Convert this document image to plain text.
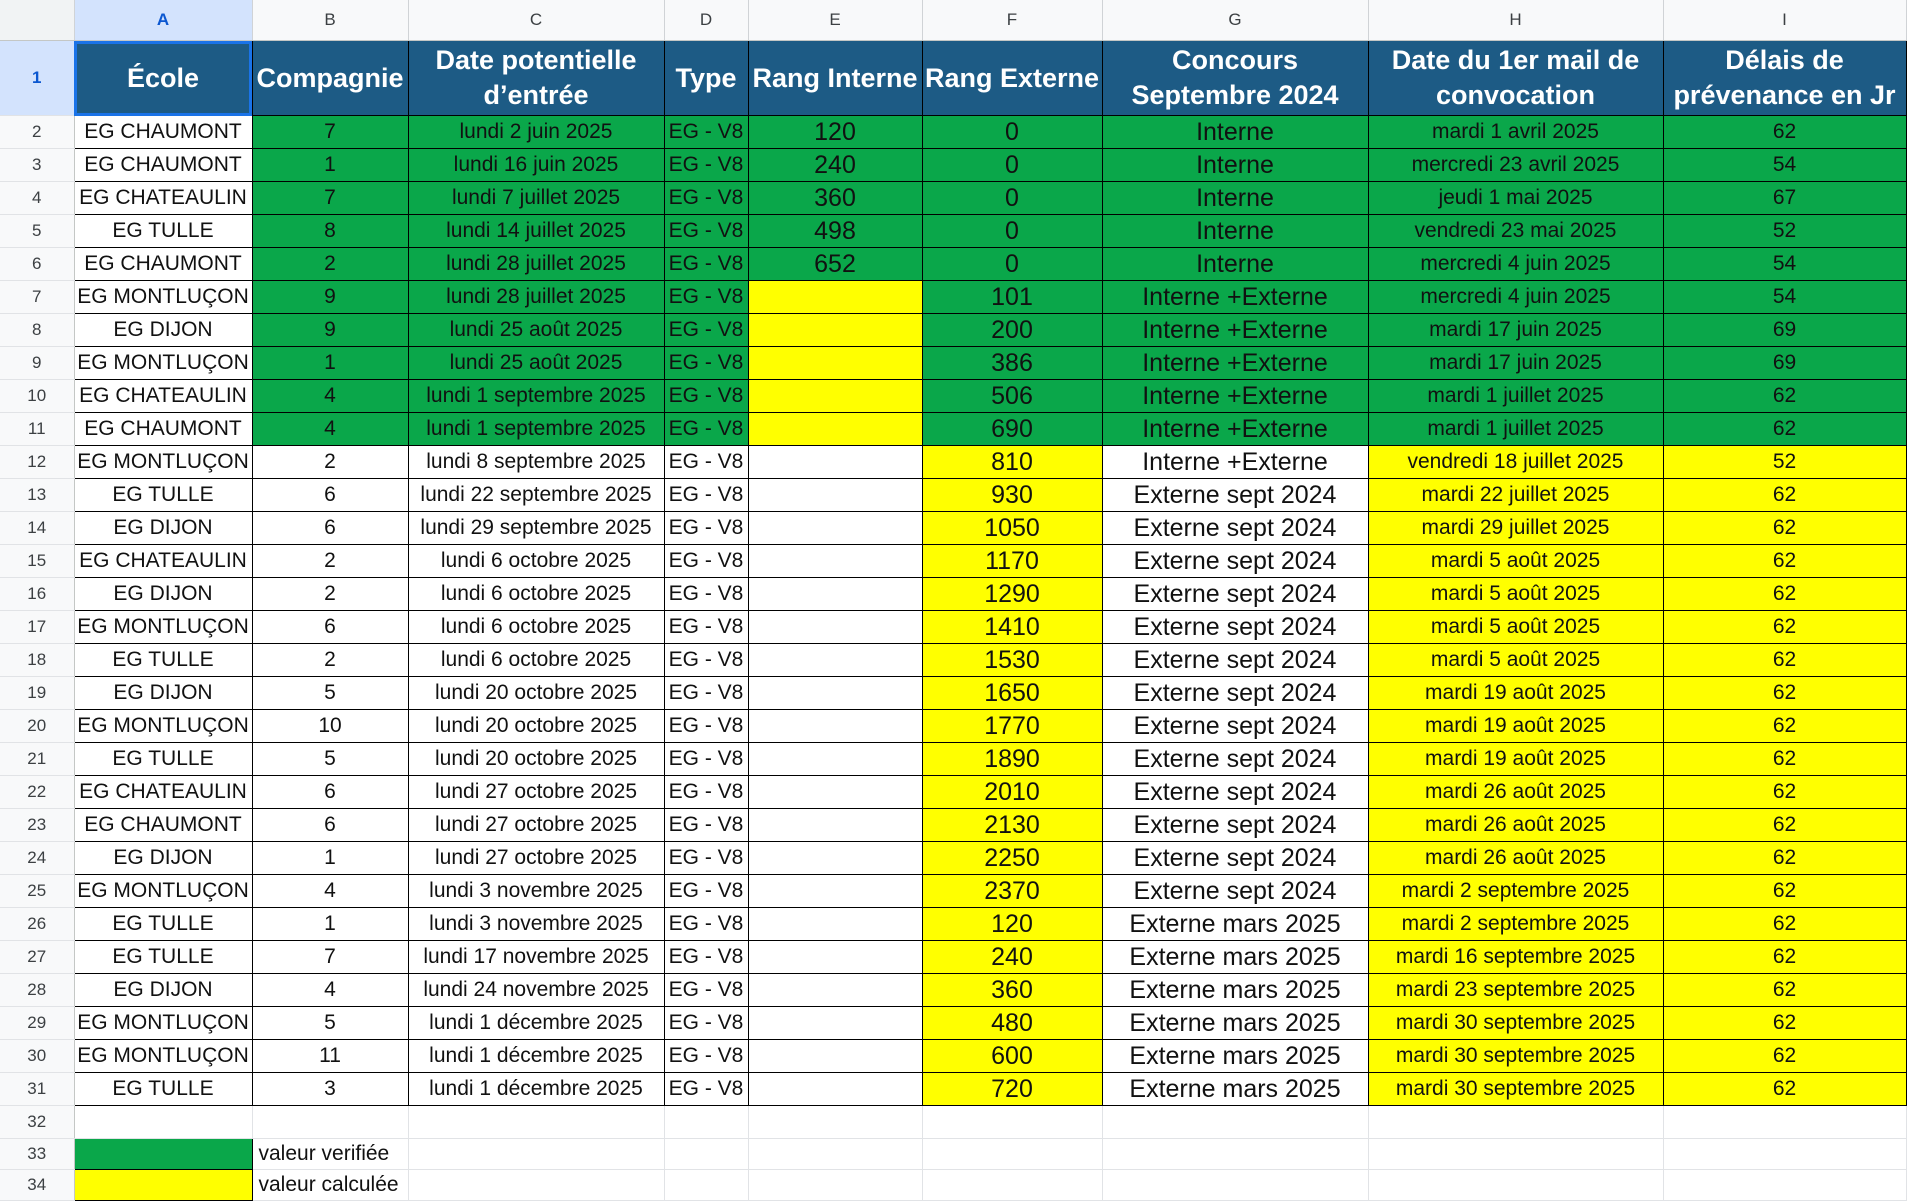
	A	B	C	D	E	F	G	H	I
1	École	Compagnie	Date potentielle d’entrée	Type	Rang Interne	Rang Externe	Concours Septembre 2024	Date du 1er mail de convocation	Délais de prévenance en Jr
2	EG CHAUMONT	7	lundi 2 juin 2025	EG - V8	120	0	Interne	mardi 1 avril 2025	62
3	EG CHAUMONT	1	lundi 16 juin 2025	EG - V8	240	0	Interne	mercredi 23 avril 2025	54
4	EG CHATEAULIN	7	lundi 7 juillet 2025	EG - V8	360	0	Interne	jeudi 1 mai 2025	67
5	EG TULLE	8	lundi 14 juillet 2025	EG - V8	498	0	Interne	vendredi 23 mai 2025	52
6	EG CHAUMONT	2	lundi 28 juillet 2025	EG - V8	652	0	Interne	mercredi 4 juin 2025	54
7	EG MONTLUÇON	9	lundi 28 juillet 2025	EG - V8		101	Interne +Externe	mercredi 4 juin 2025	54
8	EG DIJON	9	lundi 25 août 2025	EG - V8		200	Interne +Externe	mardi 17 juin 2025	69
9	EG MONTLUÇON	1	lundi 25 août 2025	EG - V8		386	Interne +Externe	mardi 17 juin 2025	69
10	EG CHATEAULIN	4	lundi 1 septembre 2025	EG - V8		506	Interne +Externe	mardi 1 juillet 2025	62
11	EG CHAUMONT	4	lundi 1 septembre 2025	EG - V8		690	Interne +Externe	mardi 1 juillet 2025	62
12	EG MONTLUÇON	2	lundi 8 septembre 2025	EG - V8		810	Interne +Externe	vendredi 18 juillet 2025	52
13	EG TULLE	6	lundi 22 septembre 2025	EG - V8		930	Externe sept 2024	mardi 22 juillet 2025	62
14	EG DIJON	6	lundi 29 septembre 2025	EG - V8		1050	Externe sept 2024	mardi 29 juillet 2025	62
15	EG CHATEAULIN	2	lundi 6 octobre 2025	EG - V8		1170	Externe sept 2024	mardi 5 août 2025	62
16	EG DIJON	2	lundi 6 octobre 2025	EG - V8		1290	Externe sept 2024	mardi 5 août 2025	62
17	EG MONTLUÇON	6	lundi 6 octobre 2025	EG - V8		1410	Externe sept 2024	mardi 5 août 2025	62
18	EG TULLE	2	lundi 6 octobre 2025	EG - V8		1530	Externe sept 2024	mardi 5 août 2025	62
19	EG DIJON	5	lundi 20 octobre 2025	EG - V8		1650	Externe sept 2024	mardi 19 août 2025	62
20	EG MONTLUÇON	10	lundi 20 octobre 2025	EG - V8		1770	Externe sept 2024	mardi 19 août 2025	62
21	EG TULLE	5	lundi 20 octobre 2025	EG - V8		1890	Externe sept 2024	mardi 19 août 2025	62
22	EG CHATEAULIN	6	lundi 27 octobre 2025	EG - V8		2010	Externe sept 2024	mardi 26 août 2025	62
23	EG CHAUMONT	6	lundi 27 octobre 2025	EG - V8		2130	Externe sept 2024	mardi 26 août 2025	62
24	EG DIJON	1	lundi 27 octobre 2025	EG - V8		2250	Externe sept 2024	mardi 26 août 2025	62
25	EG MONTLUÇON	4	lundi 3 novembre 2025	EG - V8		2370	Externe sept 2024	mardi 2 septembre 2025	62
26	EG TULLE	1	lundi 3 novembre 2025	EG - V8		120	Externe mars 2025	mardi 2 septembre 2025	62
27	EG TULLE	7	lundi 17 novembre 2025	EG - V8		240	Externe mars 2025	mardi 16 septembre 2025	62
28	EG DIJON	4	lundi 24 novembre 2025	EG - V8		360	Externe mars 2025	mardi 23 septembre 2025	62
29	EG MONTLUÇON	5	lundi 1 décembre 2025	EG - V8		480	Externe mars 2025	mardi 30 septembre 2025	62
30	EG MONTLUÇON	11	lundi 1 décembre 2025	EG - V8		600	Externe mars 2025	mardi 30 septembre 2025	62
31	EG TULLE	3	lundi 1 décembre 2025	EG - V8		720	Externe mars 2025	mardi 30 septembre 2025	62
32									
33		valeur verifiée							
34		valeur calculée							
